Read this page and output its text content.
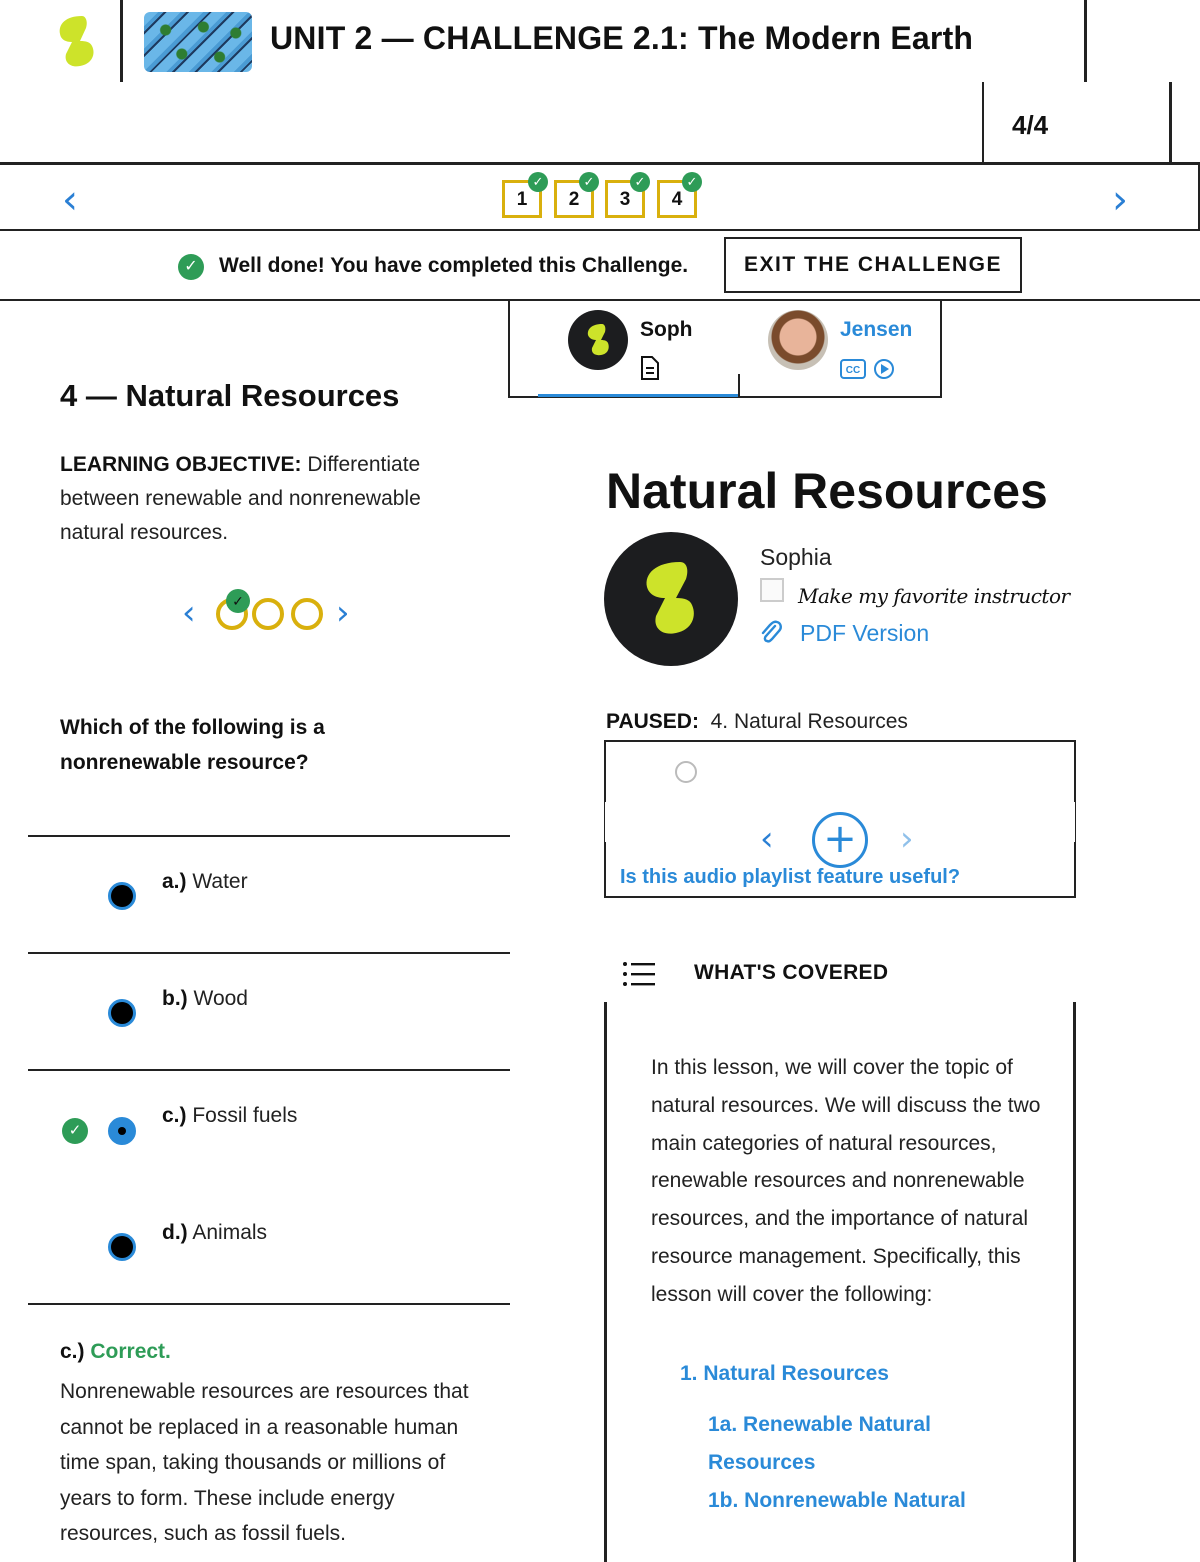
UNIT 2 — CHALLENGE 2.1: The Modern Earth
4/4
‹	›
1
✓
2
✓
3
✓
4
✓
✓ Well done! You have completed this Challenge.	EXIT THE CHALLENGE
4 — Natural Resources
LEARNING OBJECTIVE: Differentiate between renewable and nonrenewable natural resources.
‹	✓	›
Which of the following is a nonrenewable resource?
a.) Water
b.) Wood
✓
c.) Fossil fuels
d.) Animals
c.) Correct.
Nonrenewable resources are resources that cannot be replaced in a reasonable human time span, taking thousands or millions of years to form. These include energy resources, such as fossil fuels.
Soph	Jensen
CC
Natural Resources
Sophia
Make my favorite instructor
PDF Version
PAUSED: 4. Natural Resources
‹ +	›
Is this audio playlist feature useful?
WHAT'S COVERED
In this lesson, we will cover the topic of natural resources. We will discuss the two main categories of natural resources, renewable resources and nonrenewable resources, and the importance of natural resource management. Specifically, this lesson will cover the following:
1. Natural Resources
1a. Renewable Natural Resources
1b. Nonrenewable Natural
